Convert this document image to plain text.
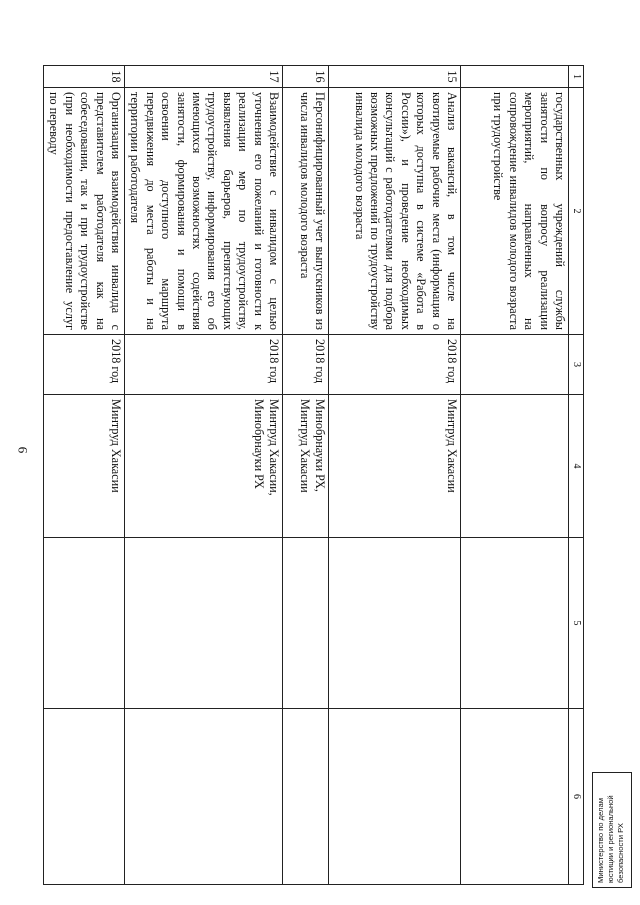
9
1	2	3	4	5	6
	государственных учреждений службы занятости по вопросу реализации мероприятий, направленных на сопровождение инвалидов молодого возраста при трудоустройстве				
15	Анализ вакансий, в том числе на квотируемые рабочие места (информация о которых доступна в системе «Работа в России»), и проведение необходимых консультаций с работодателями для подбора возможных предложений по трудоустройству инвалида молодого возраста	2018 год	Минтруд Хакасии		
16	Персонифицированный учет выпускников из числа инвалидов молодого возраста	2018 год	Минобрнауки РХ, Минтруд Хакасии		
17	Взаимодействие с инвалидом с целью уточнения его пожеланий и готовности к реализации мер по трудоустройству, выявления барьеров, препятствующих трудоустройству, информирования его об имеющихся возможностях содействия занятости, формирования и помощи в освоении доступного маршрута передвижения до места работы и на территории работодателя	2018 год	Минтруд Хакасии, Минобрнауки РХ		
18	Организация взаимодействия инвалида с представителем работодателя как на собеседовании, так и при трудоустройстве (при необходимости предоставление услуг по переводу	2018 год	Минтруд Хакасии		
Министерство по делам юстиции и региональной безопасности РХ
